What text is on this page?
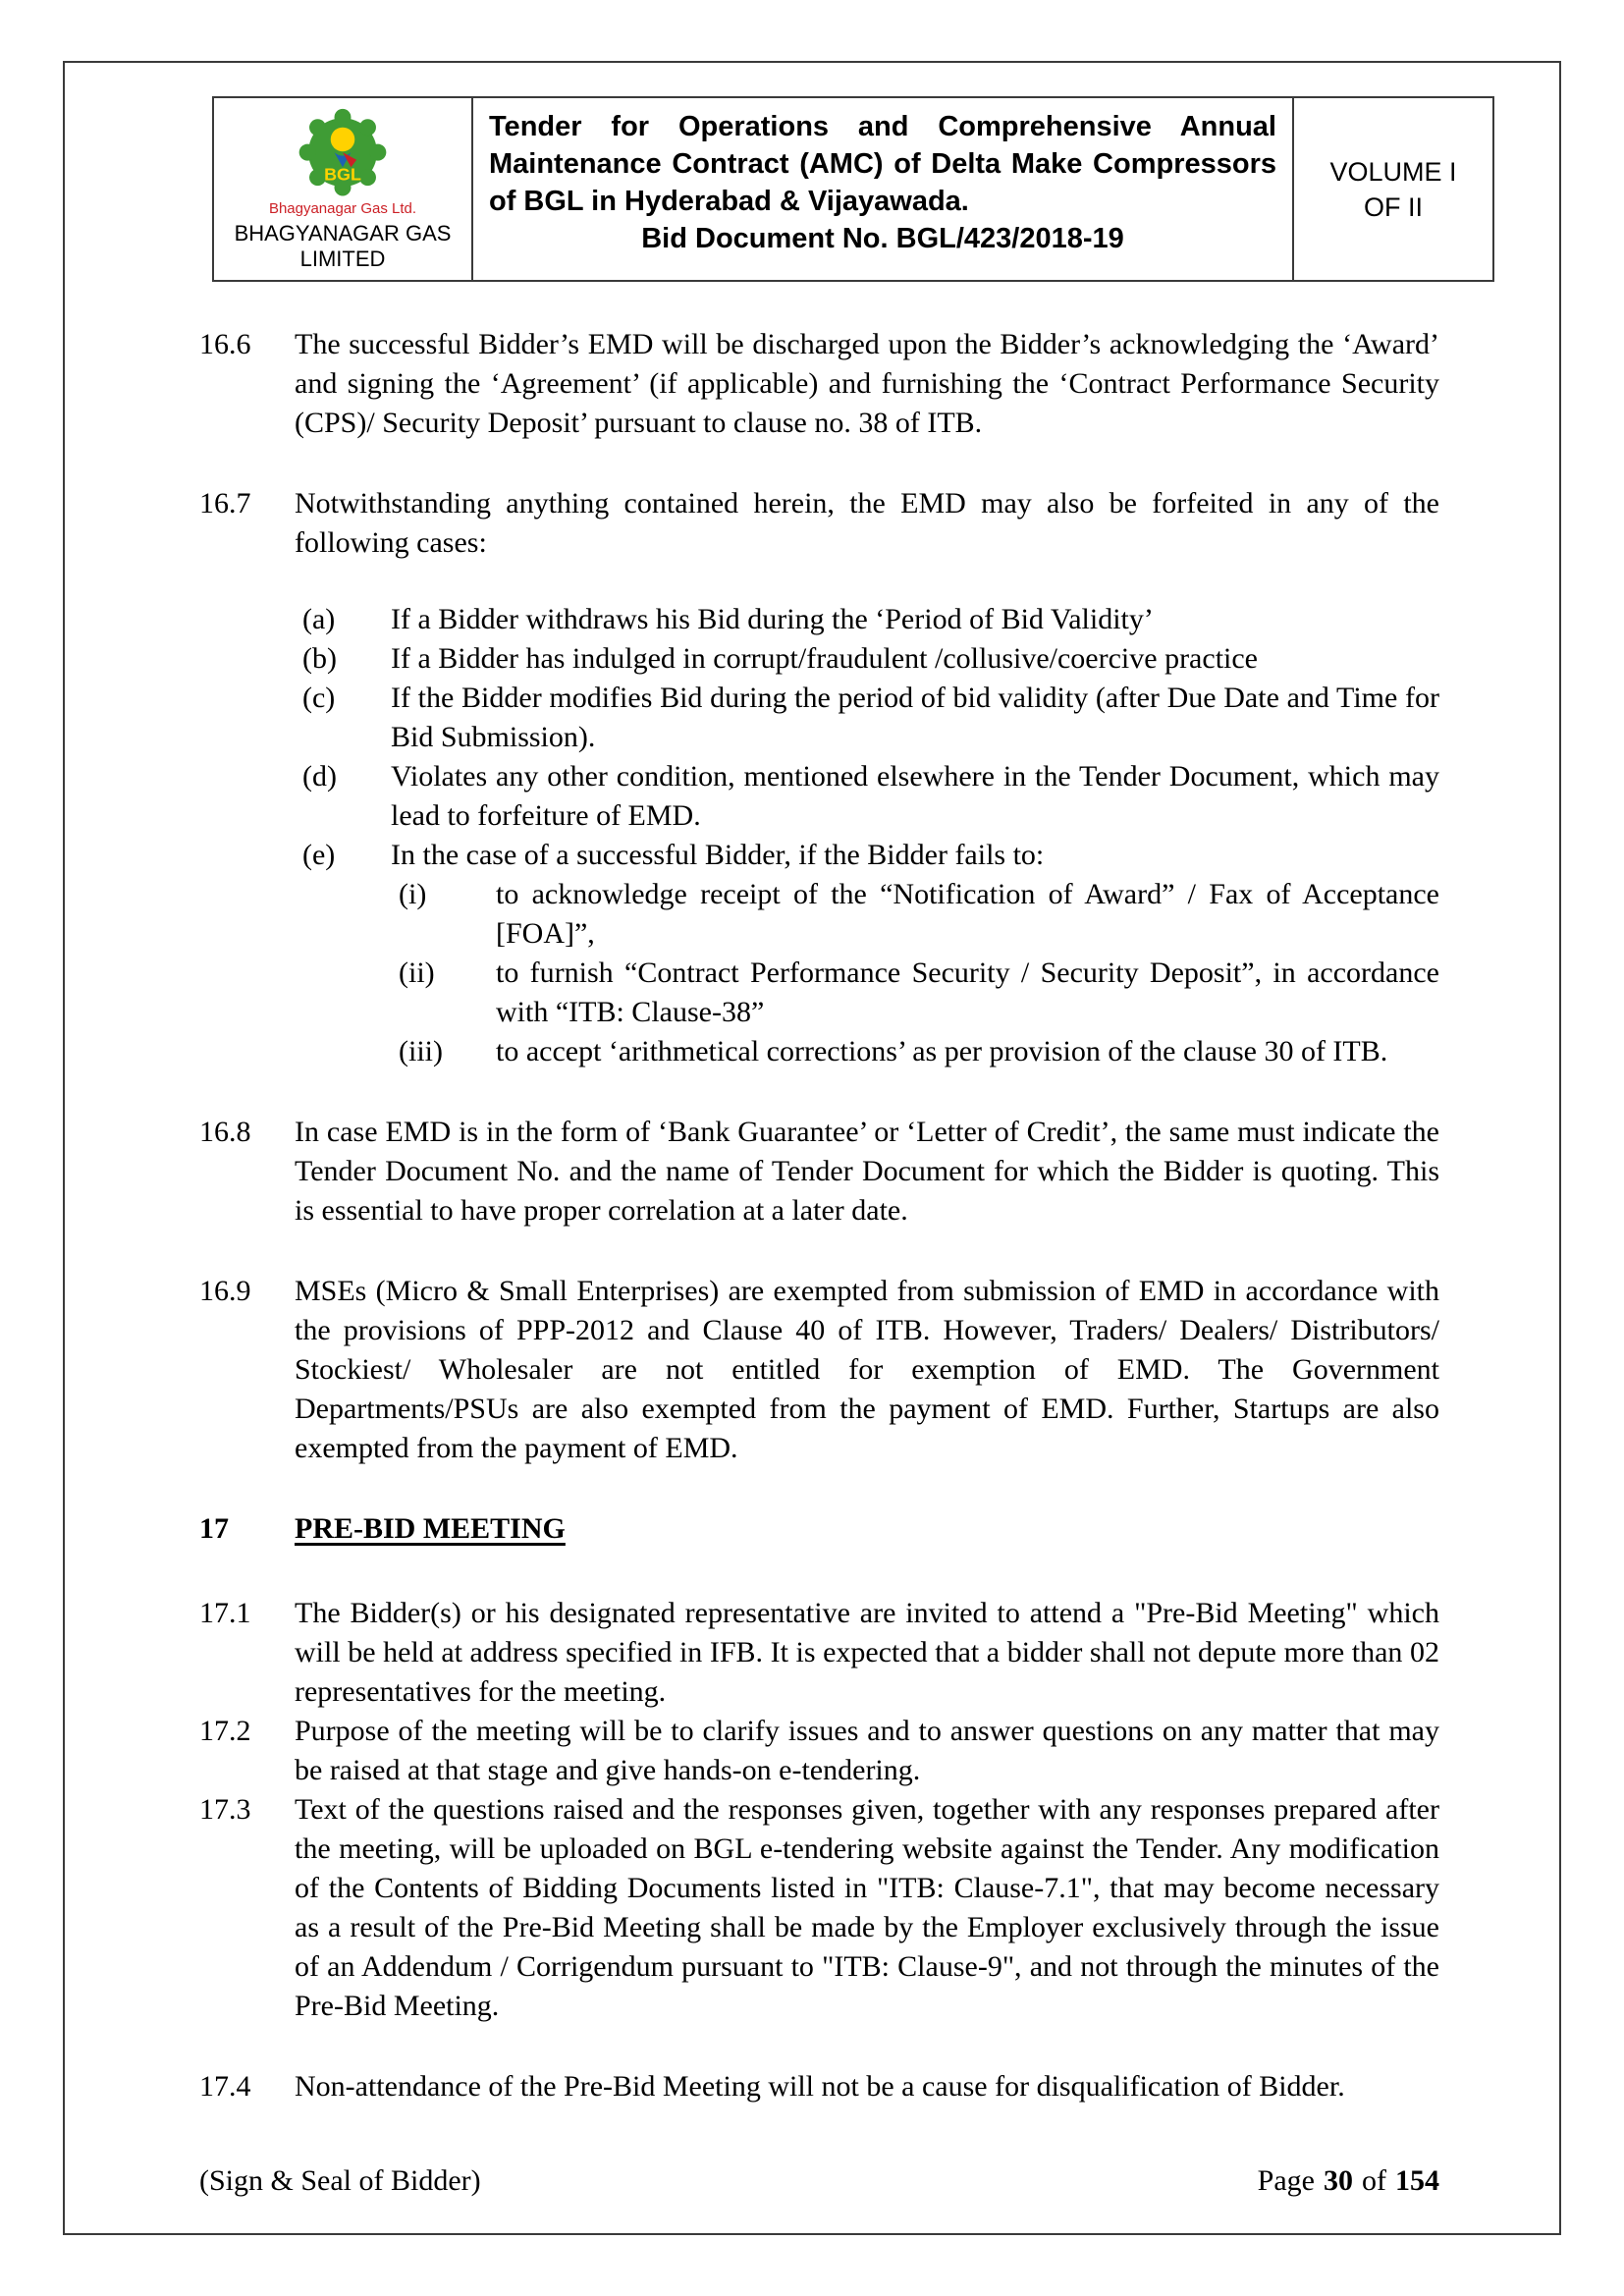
BGL
Bhagyanagar Gas Ltd.
BHAGYANAGAR GAS
LIMITED
Tender for Operations and Comprehensive Annual Maintenance Contract (AMC) of Delta Make Compressors of BGL in Hyderabad & Vijayawada.
Bid Document No. BGL/423/2018-19
VOLUME I
OF II
16.6	The successful Bidder’s EMD will be discharged upon the Bidder’s acknowledging the ‘Award’ and signing the ‘Agreement’ (if applicable) and furnishing the ‘Contract Performance Security (CPS)/ Security Deposit’ pursuant to clause no. 38 of ITB.
16.7	Notwithstanding anything contained herein, the EMD may also be forfeited in any of the following cases:
(a)	If a Bidder withdraws his Bid during the ‘Period of Bid Validity’
(b)	If a Bidder has indulged in corrupt/fraudulent /collusive/coercive practice
(c)	If the Bidder modifies Bid during the period of bid validity (after Due Date and Time for Bid Submission).
(d)	Violates any other condition, mentioned elsewhere in the Tender Document, which may lead to forfeiture of EMD.
(e)	In the case of a successful Bidder, if the Bidder fails to:
(i)	to acknowledge receipt of the “Notification of Award” / Fax of Acceptance [FOA]”,
(ii)	to furnish “Contract Performance Security / Security Deposit”, in accordance with “ITB: Clause-38”
(iii)	to accept ‘arithmetical corrections’ as per provision of the clause 30 of ITB.
16.8	In case EMD is in the form of ‘Bank Guarantee’ or ‘Letter of Credit’, the same must indicate the Tender Document No. and the name of Tender Document for which the Bidder is quoting. This is essential to have proper correlation at a later date.
16.9	MSEs (Micro & Small Enterprises) are exempted from submission of EMD in accordance with the provisions of PPP-2012 and Clause 40 of ITB. However, Traders/ Dealers/ Distributors/ Stockiest/ Wholesaler are not entitled for exemption of EMD. The Government Departments/PSUs are also exempted from the payment of EMD. Further, Startups are also exempted from the payment of EMD.
17	PRE-BID MEETING
17.1	The Bidder(s) or his designated representative are invited to attend a "Pre-Bid Meeting" which will be held at address specified in IFB. It is expected that a bidder shall not depute more than 02 representatives for the meeting.
17.2	Purpose of the meeting will be to clarify issues and to answer questions on any matter that may be raised at that stage and give hands-on e-tendering.
17.3	Text of the questions raised and the responses given, together with any responses prepared after the meeting, will be uploaded on BGL e-tendering website against the Tender. Any modification of the Contents of Bidding Documents listed in "ITB: Clause-7.1", that may become necessary as a result of the Pre-Bid Meeting shall be made by the Employer exclusively through the issue of an Addendum / Corrigendum pursuant to "ITB: Clause-9", and not through the minutes of the Pre-Bid Meeting.
17.4	Non-attendance of the Pre-Bid Meeting will not be a cause for disqualification of Bidder.
(Sign & Seal of Bidder)	Page 30 of 154
